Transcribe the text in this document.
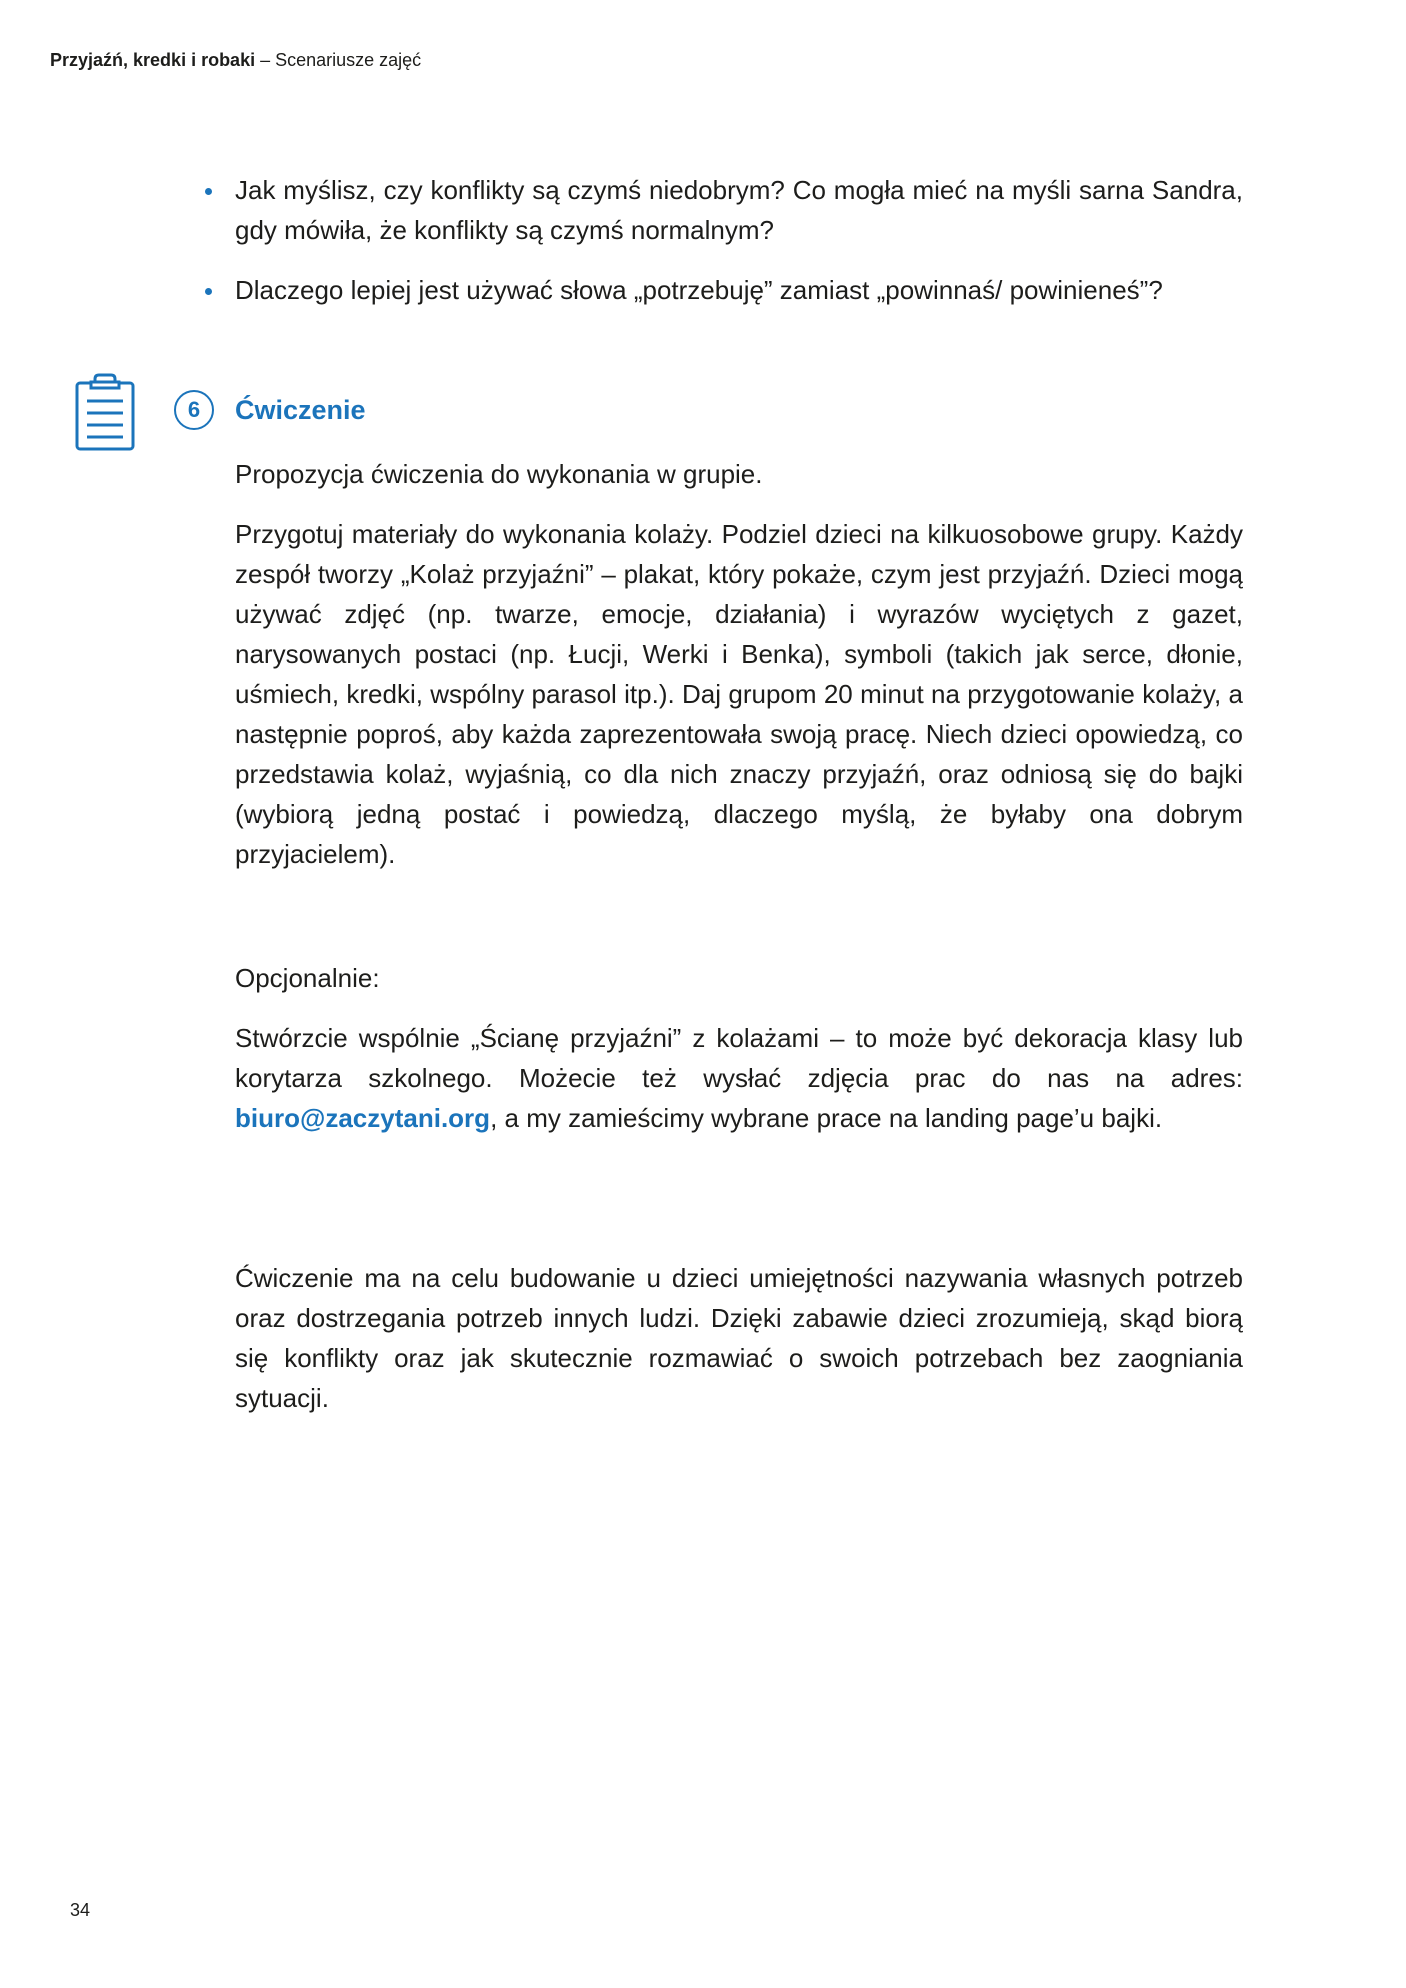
Przyjaźń, kredki i robaki – Scenariusze zajęć
Jak myślisz, czy konflikty są czymś niedobrym? Co mogła mieć na myśli sarna Sandra, gdy mówiła, że konflikty są czymś normalnym?
Dlaczego lepiej jest używać słowa „potrzebuję” zamiast „powinnaś/ powinieneś”?
6	Ćwiczenie

Propozycja ćwiczenia do wykonania w grupie.

Przygotuj materiały do wykonania kolaży. Podziel dzieci na kilkuosobowe grupy. Każdy zespół tworzy „Kolaż przyjaźni” – plakat, który pokaże, czym jest przyjaźń. Dzieci mogą używać zdjęć (np. twarze, emocje, działania) i wyrazów wyciętych z gazet, narysowanych postaci (np. Łucji, Werki i Benka), symboli (takich jak serce, dłonie, uśmiech, kredki, wspólny parasol itp.). Daj grupom 20 minut na przygotowanie kolaży, a następnie poproś, aby każda zaprezentowała swoją pracę. Niech dzieci opowiedzą, co przedstawia kolaż, wyjaśnią, co dla nich znaczy przyjaźń, oraz odniosą się do bajki (wybiorą jedną postać i powiedzą, dlaczego myślą, że byłaby ona dobrym przyjacielem).

Opcjonalnie:

Stwórzcie wspólnie „Ścianę przyjaźni” z kolażami – to może być dekoracja klasy lub korytarza szkolnego. Możecie też wysłać zdjęcia prac do nas na adres: biuro@zaczytani.org, a my zamieścimy wybrane prace na landing page’u bajki.

Ćwiczenie ma na celu budowanie u dzieci umiejętności nazywania własnych potrzeb oraz dostrzegania potrzeb innych ludzi. Dzięki zabawie dzieci zrozumieją, skąd biorą się konflikty oraz jak skutecznie rozmawiać o swoich potrzebach bez zaogniania sytuacji.

34
